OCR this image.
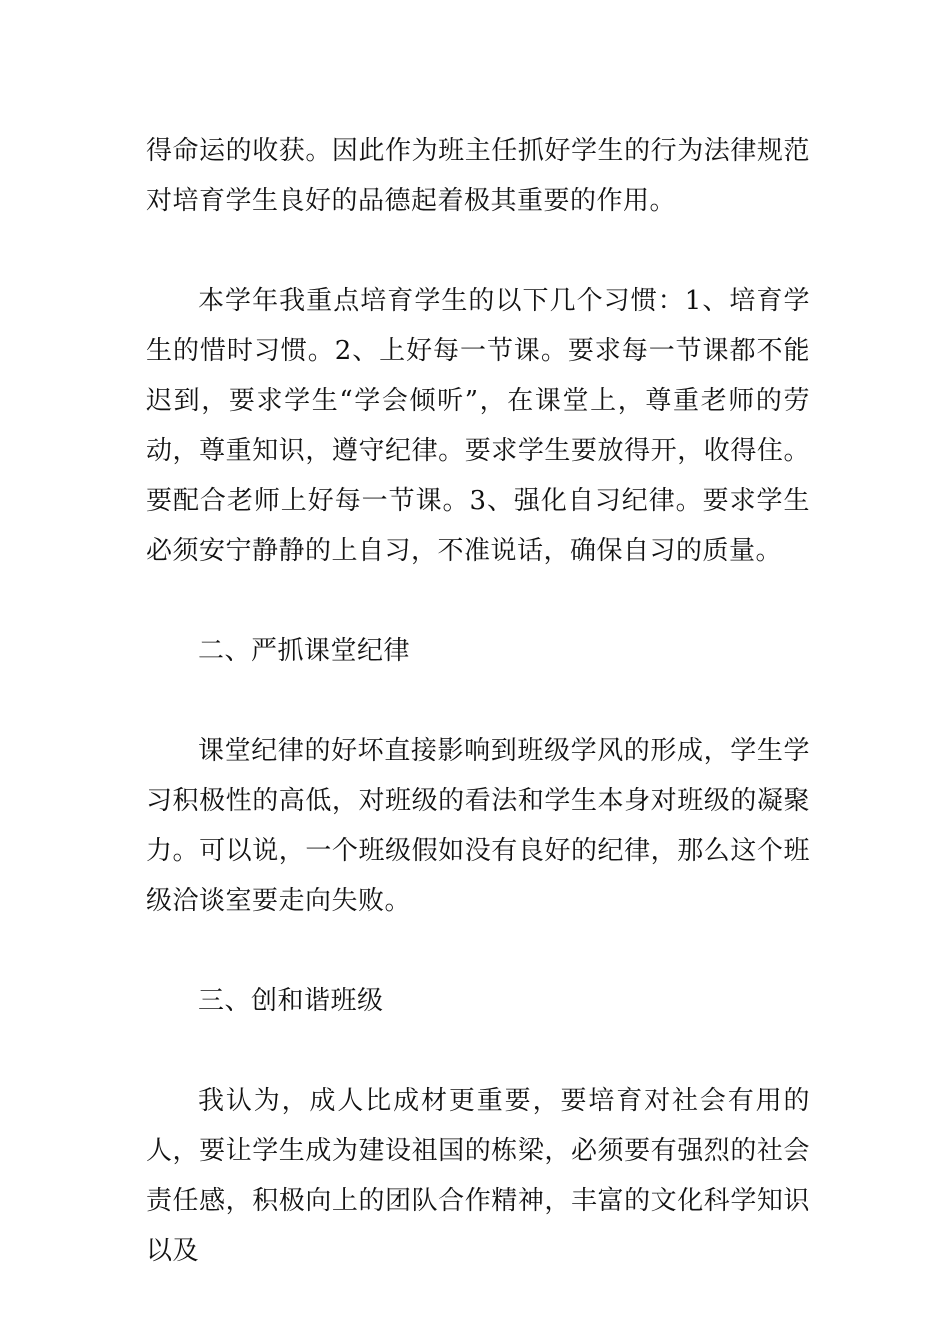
得命运的收获。因此作为班主任抓好学生的行为法律规范对培育学生良好的品德起着极其重要的作用。

本学年我重点培育学生的以下几个习惯：1、培育学生的惜时习惯。2、上好每一节课。要求每一节课都不能迟到，要求学生“学会倾听”，在课堂上，尊重老师的劳动，尊重知识，遵守纪律。要求学生要放得开，收得住。要配合老师上好每一节课。3、强化自习纪律。要求学生必须安宁静静的上自习，不准说话，确保自习的质量。

二、严抓课堂纪律

课堂纪律的好坏直接影响到班级学风的形成，学生学习积极性的高低，对班级的看法和学生本身对班级的凝聚力。可以说，一个班级假如没有良好的纪律，那么这个班级洽谈室要走向失败。

三、创和谐班级

我认为，成人比成材更重要，要培育对社会有用的人，要让学生成为建设祖国的栋梁，必须要有强烈的社会责任感，积极向上的团队合作精神，丰富的文化科学知识以及
